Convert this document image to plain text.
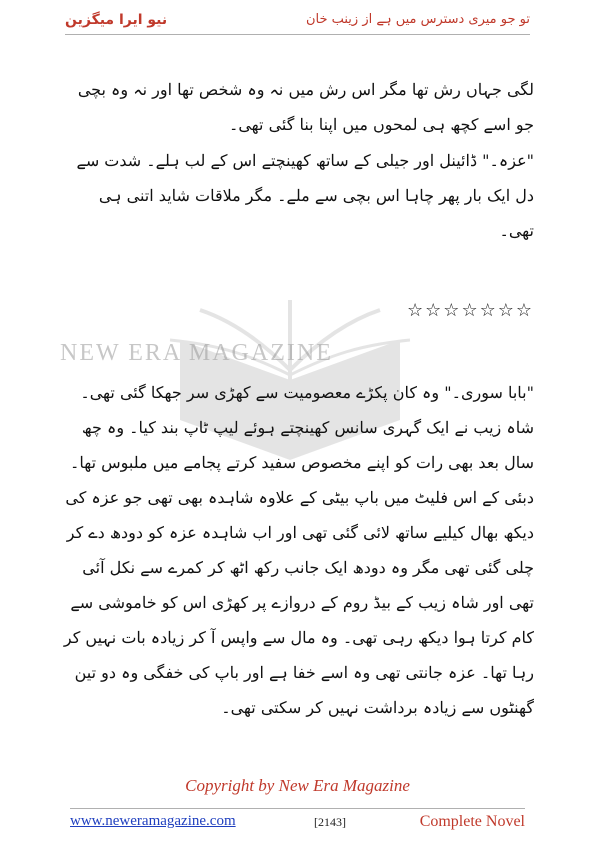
نیو ایرا میگزین	تو جو میری دسترس میں ہے از زینب خان
NEW ERA MAGAZINE

لگی جہاں رش تھا مگر اس رش میں نہ وہ شخص تھا اور نہ وہ بچی جو اسے کچھ ہی لمحوں میں اپنا بنا گئی تھی۔

"عزہ۔" ڈائینل اور جیلی کے ساتھ کھینچتے اس کے لب ہلے۔ شدت سے دل ایک بار پھر چاہا اس بچی سے ملے۔ مگر ملاقات شاید اتنی ہی تھی۔

☆☆☆☆☆☆☆

"بابا سوری۔" وہ کان پکڑے معصومیت سے کھڑی سر جھکا گئی تھی۔ شاہ زیب نے ایک گہری سانس کھینچتے ہوئے لیپ ٹاپ بند کیا۔ وہ چھ سال بعد بھی رات کو اپنے مخصوص سفید کرتے پجامے میں ملبوس تھا۔ دبئی کے اس فلیٹ میں باپ بیٹی کے علاوہ شاہدہ بھی تھی جو عزہ کی دیکھ بھال کیلیے ساتھ لائی گئی تھی اور اب شاہدہ عزہ کو دودھ دے کر چلی گئی تھی مگر وہ دودھ ایک جانب رکھ اٹھ کر کمرے سے نکل آئی تھی اور شاہ زیب کے بیڈ روم کے دروازے پر کھڑی اس کو خاموشی سے کام کرتا ہوا دیکھ رہی تھی۔ وہ مال سے واپس آ کر زیادہ بات نہیں کر رہا تھا۔ عزہ جانتی تھی وہ اسے خفا ہے اور باپ کی خفگی وہ دو تین گھنٹوں سے زیادہ برداشت نہیں کر سکتی تھی۔

Copyright by New Era Magazine
www.neweramagazine.com	[2143]	Complete Novel
